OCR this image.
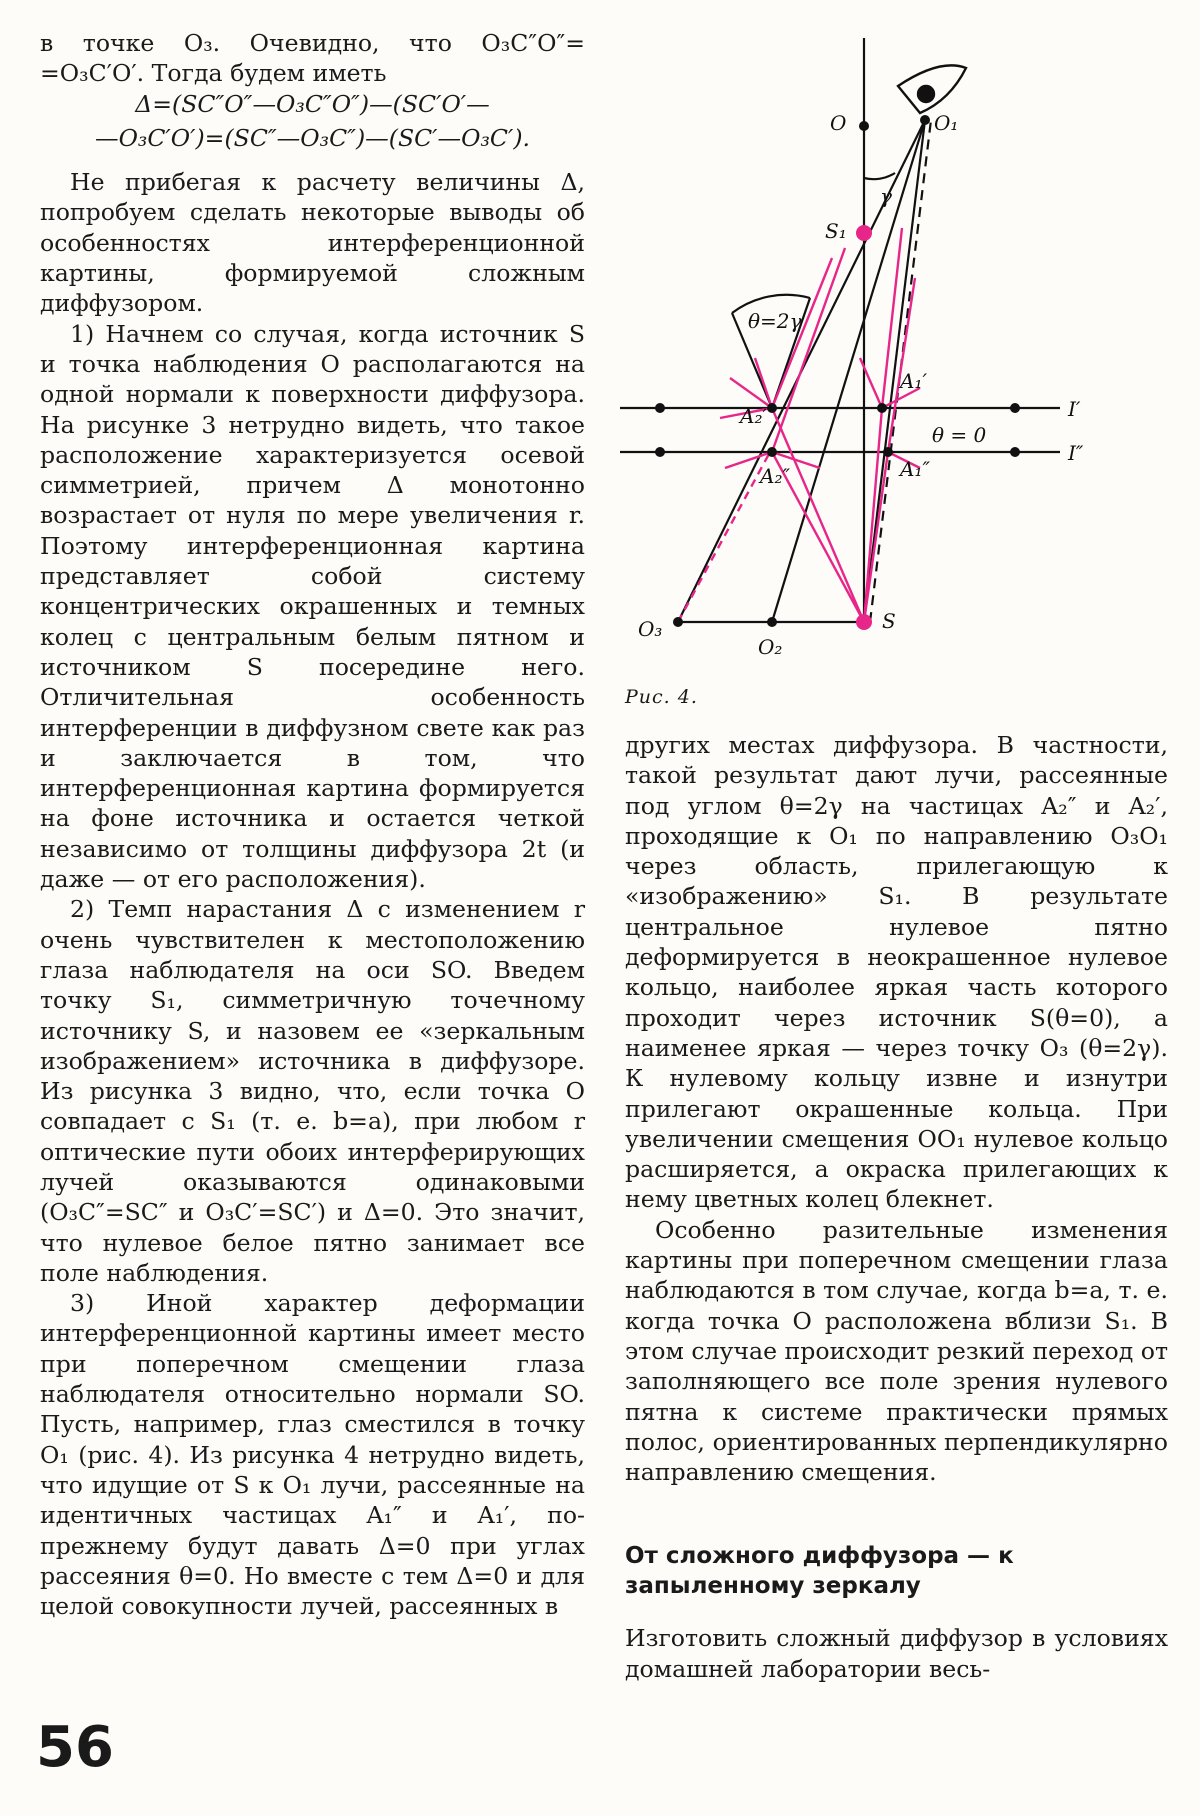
в точке O₃. Очевидно, что O₃C″O″= =O₃C′O′. Тогда будем иметь

Δ=(SC″O″—O₃C″O″)—(SC′O′—

—O₃C′O′)=(SC″—O₃C″)—(SC′—O₃C′).

Не прибегая к расчету величины Δ, попробуем сделать некоторые выводы об особенностях интерференционной картины, формируемой сложным диффузором.

1) Начнем со случая, когда источник S и точка наблюдения O располагаются на одной нормали к поверхности диффузора. На рисунке 3 нетрудно видеть, что такое расположение характеризуется осевой симметрией, причем Δ монотонно возрастает от нуля по мере увеличения r. Поэтому интерференционная картина представляет собой систему концентрических окрашенных и темных колец с центральным белым пятном и источником S посередине него. Отличительная особенность интерференции в диффузном свете как раз и заключается в том, что интерференционная картина формируется на фоне источника и остается четкой независимо от толщины диффузора 2t (и даже — от его расположения).

2) Темп нарастания Δ с изменением r очень чувствителен к местоположению глаза наблюдателя на оси SO. Введем точку S₁, симметричную точечному источнику S, и назовем ее «зеркальным изображением» источника в диффузоре. Из рисунка 3 видно, что, если точка O совпадает с S₁ (т. е. b=a), при любом r оптические пути обоих интерферирующих лучей оказываются одинаковыми (O₃C″=SC″ и O₃C′=SC′) и Δ=0. Это значит, что нулевое белое пятно занимает все поле наблюдения.

3) Иной характер деформации интерференционной картины имеет место при поперечном смещении глаза наблюдателя относительно нормали SO. Пусть, например, глаз сместился в точку O₁ (рис. 4). Из рисунка 4 нетрудно видеть, что идущие от S к O₁ лучи, рассеянные на идентичных частицах A₁″ и A₁′, по-прежнему будут давать Δ=0 при углах рассеяния θ=0. Но вместе с тем Δ=0 и для целой совокупности лучей, рассеянных в

O	O₁
γ
S₁
θ=2γ
A₁′
A₂′
A₁″
A₂″
I′
I″
θ = 0
O₃
O₂
S
Рис. 4.

других местах диффузора. В частности, такой результат дают лучи, рассеянные под углом θ=2γ на частицах A₂″ и A₂′, проходящие к O₁ по направлению O₃O₁ через область, прилегающую к «изображению» S₁. В результате центральное нулевое пятно деформируется в неокрашенное нулевое кольцо, наиболее яркая часть которого проходит через источник S(θ=0), а наименее яркая — через точку O₃ (θ=2γ). К нулевому кольцу извне и изнутри прилегают окрашенные кольца. При увеличении смещения OO₁ нулевое кольцо расширяется, а окраска прилегающих к нему цветных колец блекнет.

Особенно разительные изменения картины при поперечном смещении глаза наблюдаются в том случае, когда b=a, т. е. когда точка O расположена вблизи S₁. В этом случае происходит резкий переход от заполняющего все поле зрения нулевого пятна к системе практически прямых полос, ориентированных перпендикулярно направлению смещения.

От сложного диффузора — к запыленному зеркалу

Изготовить сложный диффузор в условиях домашней лаборатории весь-

56
